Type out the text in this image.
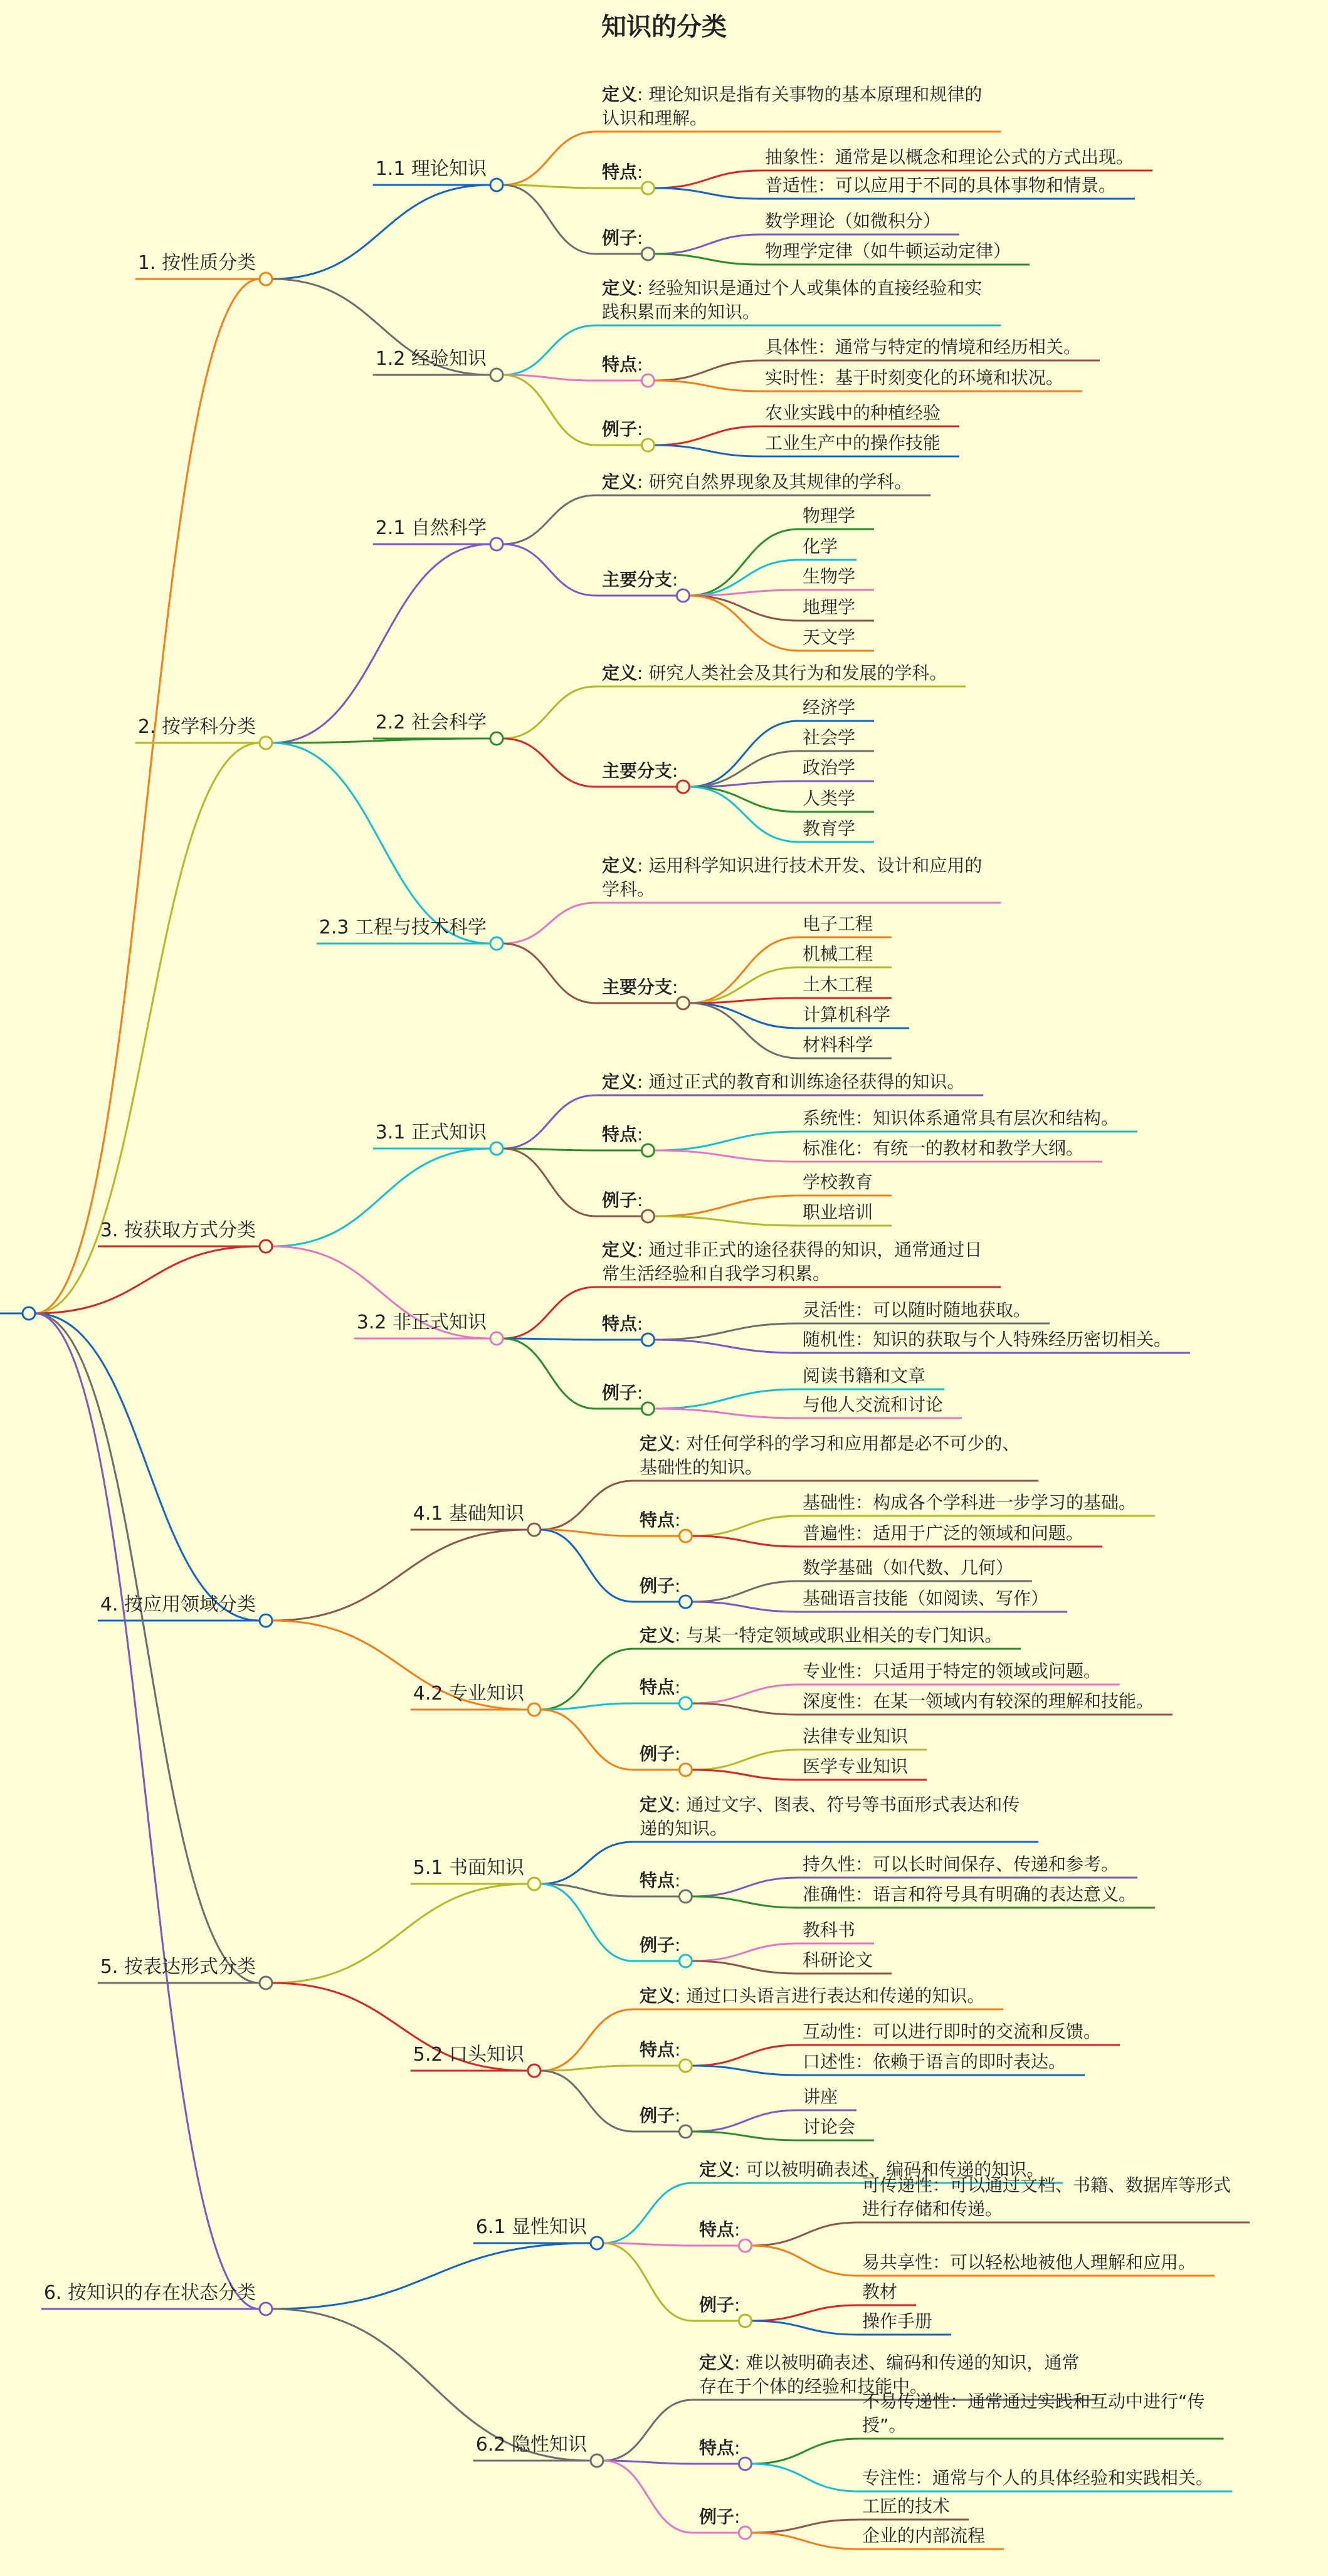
知识的分类
1. 按性质分类
1.1 理论知识
定义: 理论知识是指有关事物的基本原理和规律的
认识和理解。
特点:
抽象性：通常是以概念和理论公式的方式出现。
普适性：可以应用于不同的具体事物和情景。
例子:
数学理论（如微积分）
物理学定律（如牛顿运动定律）
1.2 经验知识
定义: 经验知识是通过个人或集体的直接经验和实
践积累而来的知识。
特点:
具体性：通常与特定的情境和经历相关。
实时性：基于时刻变化的环境和状况。
例子:
农业实践中的种植经验
工业生产中的操作技能
2. 按学科分类
2.1 自然科学
定义: 研究自然界现象及其规律的学科。
主要分支:
物理学
化学
生物学
地理学
天文学
2.2 社会科学
定义: 研究人类社会及其行为和发展的学科。
主要分支:
经济学
社会学
政治学
人类学
教育学
2.3 工程与技术科学
定义: 运用科学知识进行技术开发、设计和应用的
学科。
主要分支:
电子工程
机械工程
土木工程
计算机科学
材料科学
3. 按获取方式分类
3.1 正式知识
定义: 通过正式的教育和训练途径获得的知识。
特点:
系统性：知识体系通常具有层次和结构。
标准化：有统一的教材和教学大纲。
例子:
学校教育
职业培训
3.2 非正式知识
定义: 通过非正式的途径获得的知识，通常通过日
常生活经验和自我学习积累。
特点:
灵活性：可以随时随地获取。
随机性：知识的获取与个人特殊经历密切相关。
例子:
阅读书籍和文章
与他人交流和讨论
4. 按应用领域分类
4.1 基础知识
定义: 对任何学科的学习和应用都是必不可少的、
基础性的知识。
特点:
基础性：构成各个学科进一步学习的基础。
普遍性：适用于广泛的领域和问题。
例子:
数学基础（如代数、几何）
基础语言技能（如阅读、写作）
4.2 专业知识
定义: 与某一特定领域或职业相关的专门知识。
特点:
专业性：只适用于特定的领域或问题。
深度性：在某一领域内有较深的理解和技能。
例子:
法律专业知识
医学专业知识
5. 按表达形式分类
5.1 书面知识
定义: 通过文字、图表、符号等书面形式表达和传
递的知识。
特点:
持久性：可以长时间保存、传递和参考。
准确性：语言和符号具有明确的表达意义。
例子:
教科书
科研论文
5.2 口头知识
定义: 通过口头语言进行表达和传递的知识。
特点:
互动性：可以进行即时的交流和反馈。
口述性：依赖于语言的即时表达。
例子:
讲座
讨论会
6. 按知识的存在状态分类
6.1 显性知识
定义: 可以被明确表述、编码和传递的知识。
特点:
可传递性：可以通过文档、书籍、数据库等形式
进行存储和传递。
易共享性：可以轻松地被他人理解和应用。
例子:
教材
操作手册
6.2 隐性知识
定义: 难以被明确表述、编码和传递的知识，通常
存在于个体的经验和技能中。
特点:
不易传递性：通常通过实践和互动中进行“传
授”。
专注性：通常与个人的具体经验和实践相关。
例子:
工匠的技术
企业的内部流程
